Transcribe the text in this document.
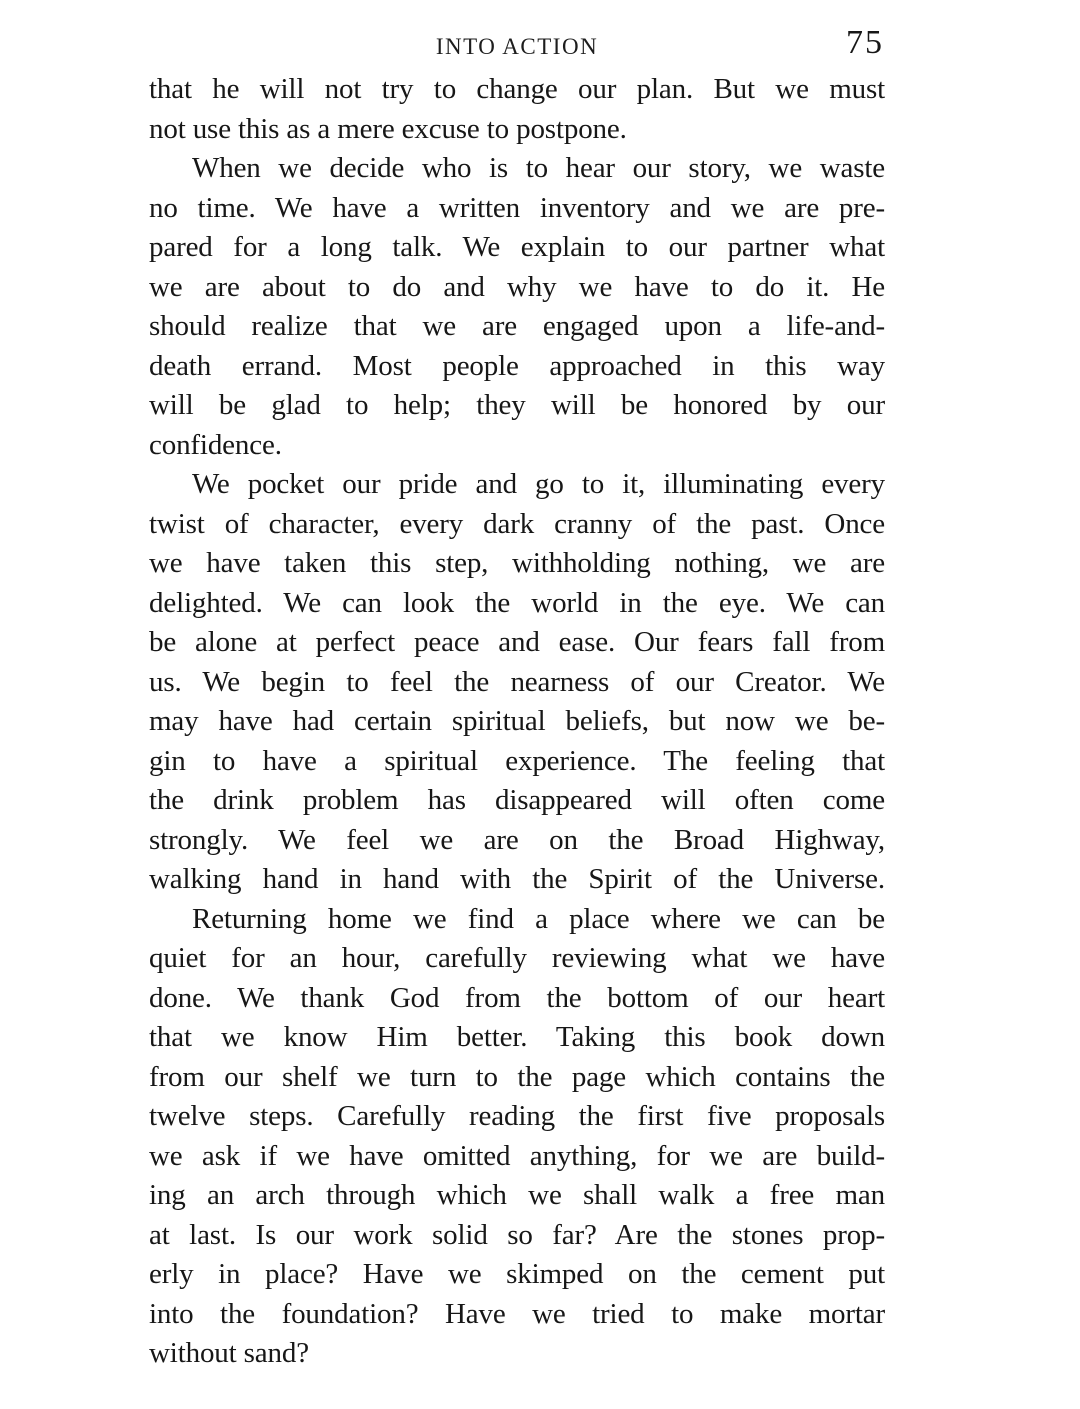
INTO ACTION	75
that he will not try to change our plan. But we must
not use this as a mere excuse to postpone.
When we decide who is to hear our story, we waste
no time. We have a written inventory and we are pre-
pared for a long talk. We explain to our partner what
we are about to do and why we have to do it. He
should realize that we are engaged upon a life-and-
death errand. Most people approached in this way
will be glad to help; they will be honored by our
confidence.
We pocket our pride and go to it, illuminating every
twist of character, every dark cranny of the past. Once
we have taken this step, withholding nothing, we are
delighted. We can look the world in the eye. We can
be alone at perfect peace and ease. Our fears fall from
us. We begin to feel the nearness of our Creator. We
may have had certain spiritual beliefs, but now we be-
gin to have a spiritual experience. The feeling that
the drink problem has disappeared will often come
strongly. We feel we are on the Broad Highway,
walking hand in hand with the Spirit of the Universe.
Returning home we find a place where we can be
quiet for an hour, carefully reviewing what we have
done. We thank God from the bottom of our heart
that we know Him better. Taking this book down
from our shelf we turn to the page which contains the
twelve steps. Carefully reading the first five proposals
we ask if we have omitted anything, for we are build-
ing an arch through which we shall walk a free man
at last. Is our work solid so far? Are the stones prop-
erly in place? Have we skimped on the cement put
into the foundation? Have we tried to make mortar
without sand?
